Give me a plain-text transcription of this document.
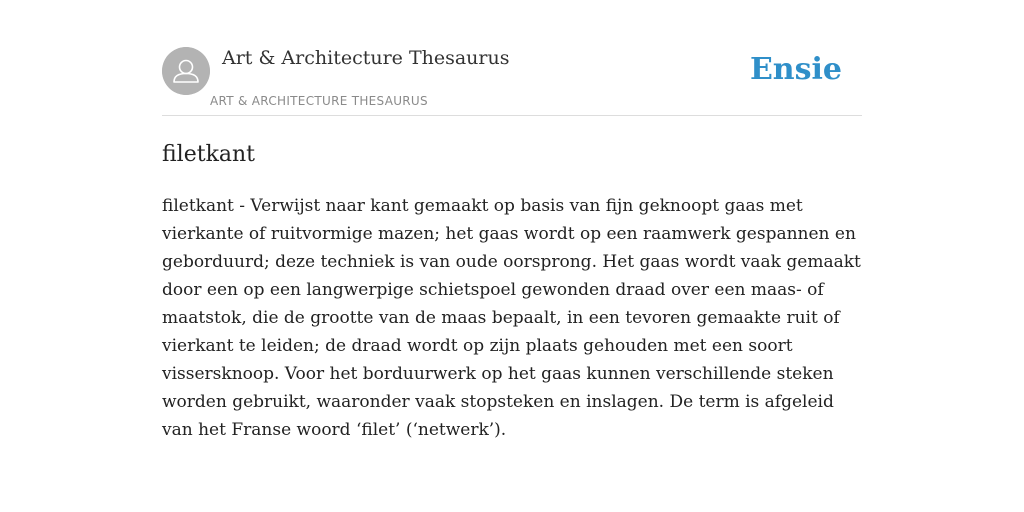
Art & Architecture Thesaurus
ART & ARCHITECTURE THESAURUS
Ensie
filetkant

filetkant - Verwijst naar kant gemaakt op basis van fijn geknoopt gaas met vierkante of ruitvormige mazen; het gaas wordt op een raamwerk gespannen en geborduurd; deze techniek is van oude oorsprong. Het gaas wordt vaak gemaakt door een op een langwerpige schietspoel gewonden draad over een maas- of maatstok, die de grootte van de maas bepaalt, in een tevoren gemaakte ruit of vierkant te leiden; de draad wordt op zijn plaats gehouden met een soort vissersknoop. Voor het borduurwerk op het gaas kunnen verschillende steken worden gebruikt, waaronder vaak stopsteken en inslagen. De term is afgeleid van het Franse woord ‘filet’ (‘netwerk’).
